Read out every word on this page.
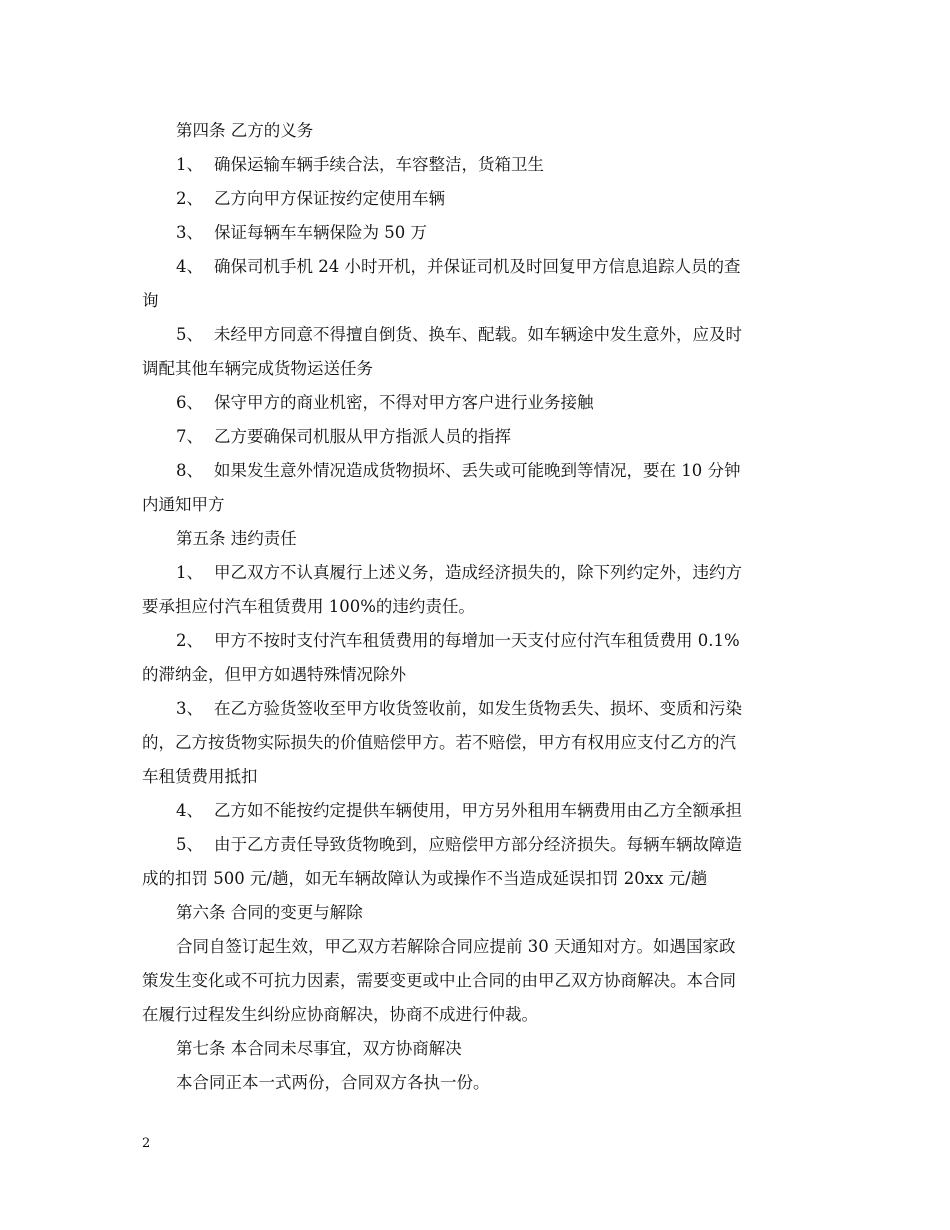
第四条 乙方的义务
1、 确保运输车辆手续合法，车容整洁，货箱卫生
2、 乙方向甲方保证按约定使用车辆
3、 保证每辆车车辆保险为 50 万
4、 确保司机手机 24 小时开机，并保证司机及时回复甲方信息追踪人员的查
询
5、 未经甲方同意不得擅自倒货、换车、配载。如车辆途中发生意外，应及时
调配其他车辆完成货物运送任务
6、 保守甲方的商业机密，不得对甲方客户进行业务接触
7、 乙方要确保司机服从甲方指派人员的指挥
8、 如果发生意外情况造成货物损坏、丢失或可能晚到等情况，要在 10 分钟
内通知甲方
第五条 违约责任
1、 甲乙双方不认真履行上述义务，造成经济损失的，除下列约定外，违约方
要承担应付汽车租赁费用 100%的违约责任。
2、 甲方不按时支付汽车租赁费用的每增加一天支付应付汽车租赁费用 0.1%
的滞纳金，但甲方如遇特殊情况除外
3、 在乙方验货签收至甲方收货签收前，如发生货物丢失、损坏、变质和污染
的，乙方按货物实际损失的价值赔偿甲方。若不赔偿，甲方有权用应支付乙方的汽
车租赁费用抵扣
4、 乙方如不能按约定提供车辆使用，甲方另外租用车辆费用由乙方全额承担
5、 由于乙方责任导致货物晚到，应赔偿甲方部分经济损失。每辆车辆故障造
成的扣罚 500 元/趟，如无车辆故障认为或操作不当造成延误扣罚 20xx 元/趟
第六条 合同的变更与解除
合同自签订起生效，甲乙双方若解除合同应提前 30 天通知对方。如遇国家政
策发生变化或不可抗力因素，需要变更或中止合同的由甲乙双方协商解决。本合同
在履行过程发生纠纷应协商解决，协商不成进行仲裁。
第七条 本合同未尽事宜，双方协商解决
本合同正本一式两份，合同双方各执一份。
2
